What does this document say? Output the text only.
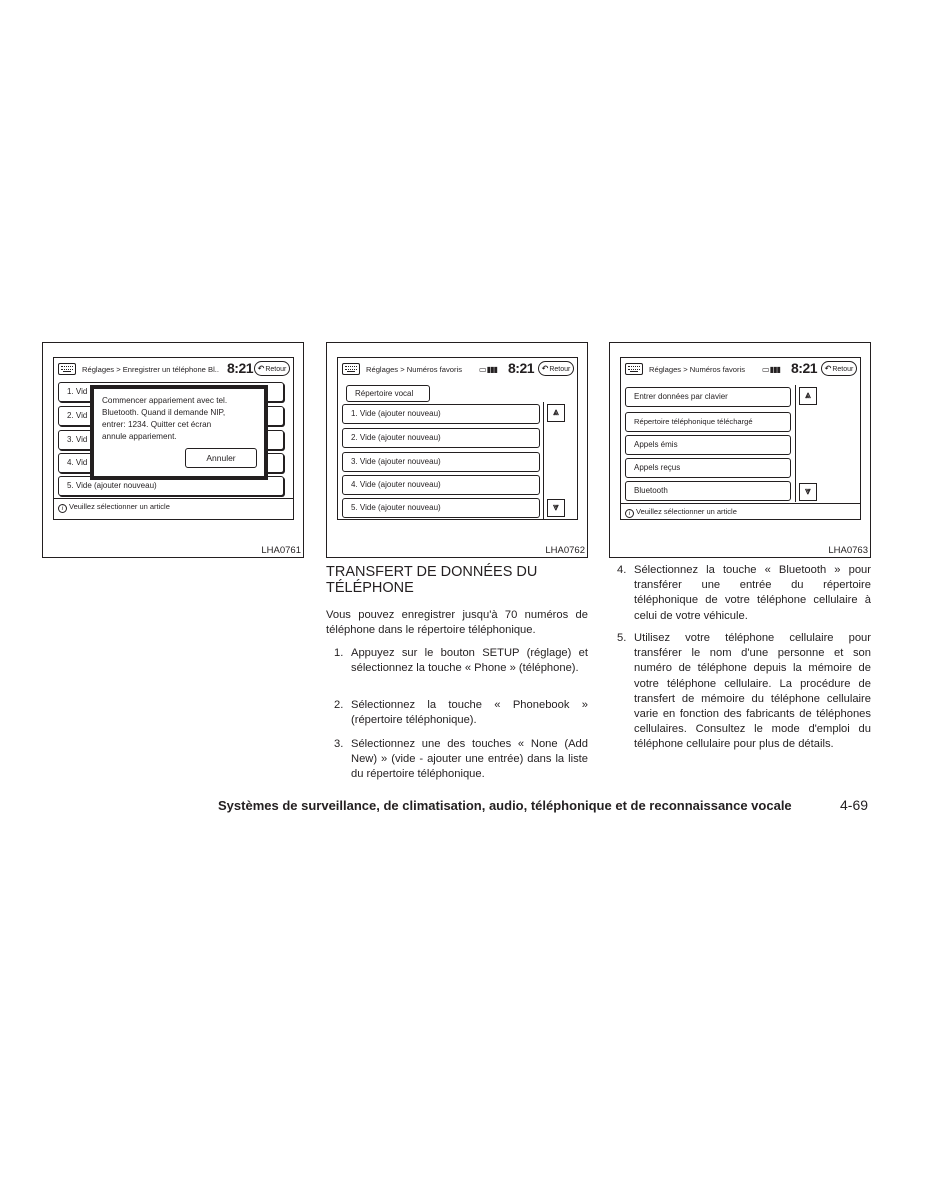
Réglages > Enregistrer un téléphone Bl.. 8:21 ↶Retour
1. Vid
2. Vid
3. Vid
4. Vid
5. Vide (ajouter nouveau)
i Veuillez sélectionner un article
Commencer appariement avec tel.
Bluetooth. Quand il demande NIP,
entrer: 1234. Quitter cet écran
annule appariement.
Annuler
LHA0761
Réglages > Numéros favoris ▭ ▮▮▮ 8:21 ↶Retour
Répertoire vocal
1. Vide (ajouter nouveau)
2. Vide (ajouter nouveau)
3. Vide (ajouter nouveau)
4. Vide (ajouter nouveau)
5. Vide (ajouter nouveau)
⩓
⩔
LHA0762
Réglages > Numéros favoris ▭ ▮▮▮ 8:21 ↶Retour
Entrer données par clavier
Répertoire téléphonique téléchargé
Appels émis
Appels reçus
Bluetooth
⩓
⩔
i Veuillez sélectionner un article
LHA0763
TRANSFERT DE DONNÉES DU
TÉLÉPHONE

Vous pouvez enregistrer jusqu'à 70 numéros de téléphone dans le répertoire téléphonique.

1. Appuyez sur le bouton SETUP (réglage) et sélectionnez la touche « Phone » (téléphone).
2. Sélectionnez la touche « Phonebook » (répertoire téléphonique).
3. Sélectionnez une des touches « None (Add New) » (vide - ajouter une entrée) dans la liste du répertoire téléphonique.
4. Sélectionnez la touche « Bluetooth » pour transférer une entrée du répertoire téléphonique de votre téléphone cellulaire à celui de votre véhicule.
5. Utilisez votre téléphone cellulaire pour transférer le nom d'une personne et son numéro de téléphone depuis la mémoire de votre téléphone cellulaire. La procédure de transfert de mémoire du téléphone cellulaire varie en fonction des fabricants de téléphones cellulaires. Consultez le mode d'emploi du téléphone cellulaire pour plus de détails.
Systèmes de surveillance, de climatisation, audio, téléphonique et de reconnaissance vocale	4-69
